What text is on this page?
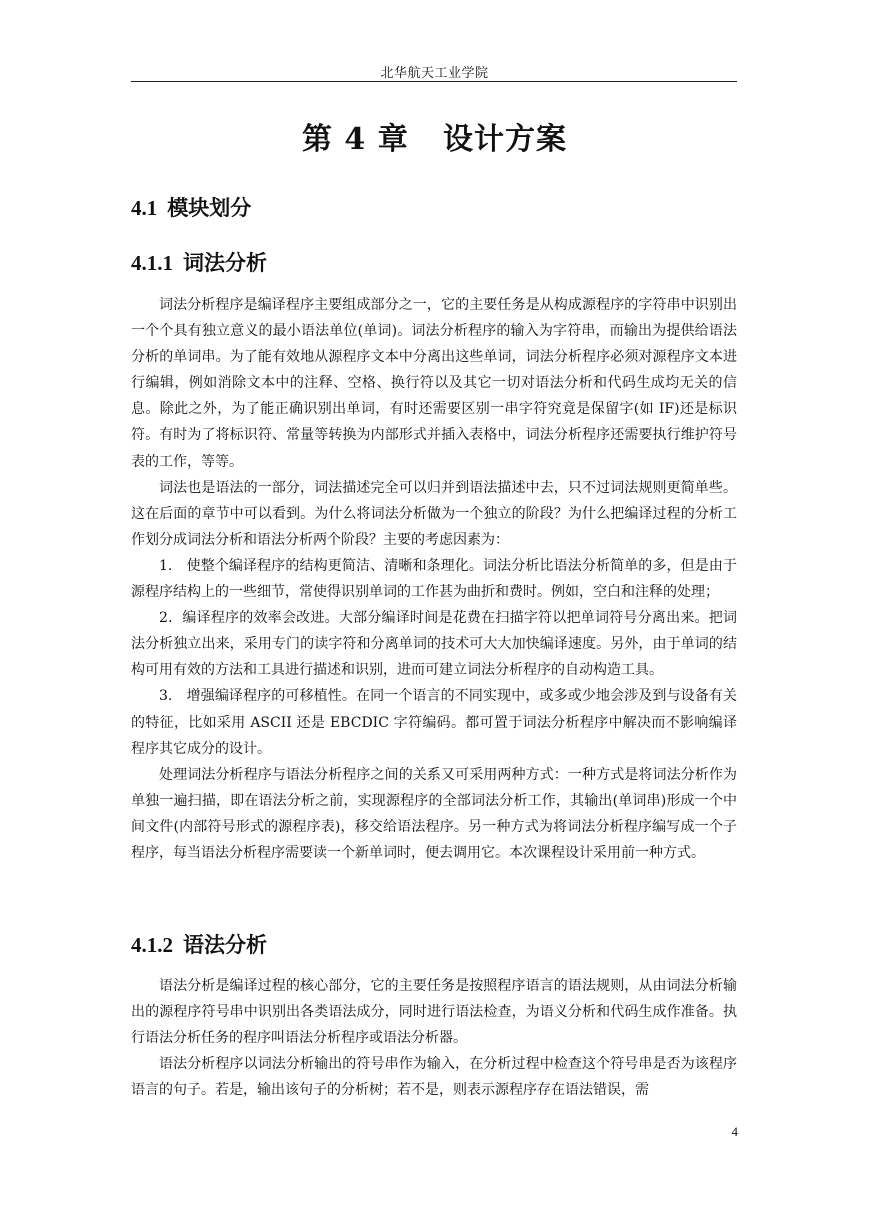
北华航天工业学院
第 4 章   设计方案
4.1 模块划分
4.1.1 词法分析

词法分析程序是编译程序主要组成部分之一，它的主要任务是从构成源程序的字符串中识别出一个个具有独立意义的最小语法单位(单词)。词法分析程序的输入为字符串，而输出为提供给语法分析的单词串。为了能有效地从源程序文本中分离出这些单词，词法分析程序必须对源程序文本进行编辑，例如消除文本中的注释、空格、换行符以及其它一切对语法分析和代码生成均无关的信息。除此之外，为了能正确识别出单词，有时还需要区别一串字符究竟是保留字(如 IF)还是标识符。有时为了将标识符、常量等转换为内部形式并插入表格中，词法分析程序还需要执行维护符号表的工作，等等。

词法也是语法的一部分，词法描述完全可以归并到语法描述中去，只不过词法规则更简单些。这在后面的章节中可以看到。为什么将词法分析做为一个独立的阶段？为什么把编译过程的分析工作划分成词法分析和语法分析两个阶段？主要的考虑因素为：

1.　使整个编译程序的结构更简洁、清晰和条理化。词法分析比语法分析简单的多，但是由于源程序结构上的一些细节，常使得识别单词的工作甚为曲折和费时。例如，空白和注释的处理；

2．编译程序的效率会改进。大部分编译时间是花费在扫描字符以把单词符号分离出来。把词法分析独立出来，采用专门的读字符和分离单词的技术可大大加快编译速度。另外，由于单词的结构可用有效的方法和工具进行描述和识别，进而可建立词法分析程序的自动构造工具。

3.　增强编译程序的可移植性。在同一个语言的不同实现中，或多或少地会涉及到与设备有关的特征，比如采用 ASCII 还是 EBCDIC 字符编码。都可置于词法分析程序中解决而不影响编译程序其它成分的设计。

处理词法分析程序与语法分析程序之间的关系又可采用两种方式：一种方式是将词法分析作为单独一遍扫描，即在语法分析之前，实现源程序的全部词法分析工作，其输出(单词串)形成一个中间文件(内部符号形式的源程序表)，移交给语法程序。另一种方式为将词法分析程序编写成一个子程序，每当语法分析程序需要读一个新单词时，便去调用它。本次课程设计采用前一种方式。

4.1.2 语法分析

语法分析是编译过程的核心部分，它的主要任务是按照程序语言的语法规则，从由词法分析输出的源程序符号串中识别出各类语法成分，同时进行语法检查，为语义分析和代码生成作准备。执行语法分析任务的程序叫语法分析程序或语法分析器。

语法分析程序以词法分析输出的符号串作为输入，在分析过程中检查这个符号串是否为该程序语言的句子。若是，输出该句子的分析树；若不是，则表示源程序存在语法错误，需

4
